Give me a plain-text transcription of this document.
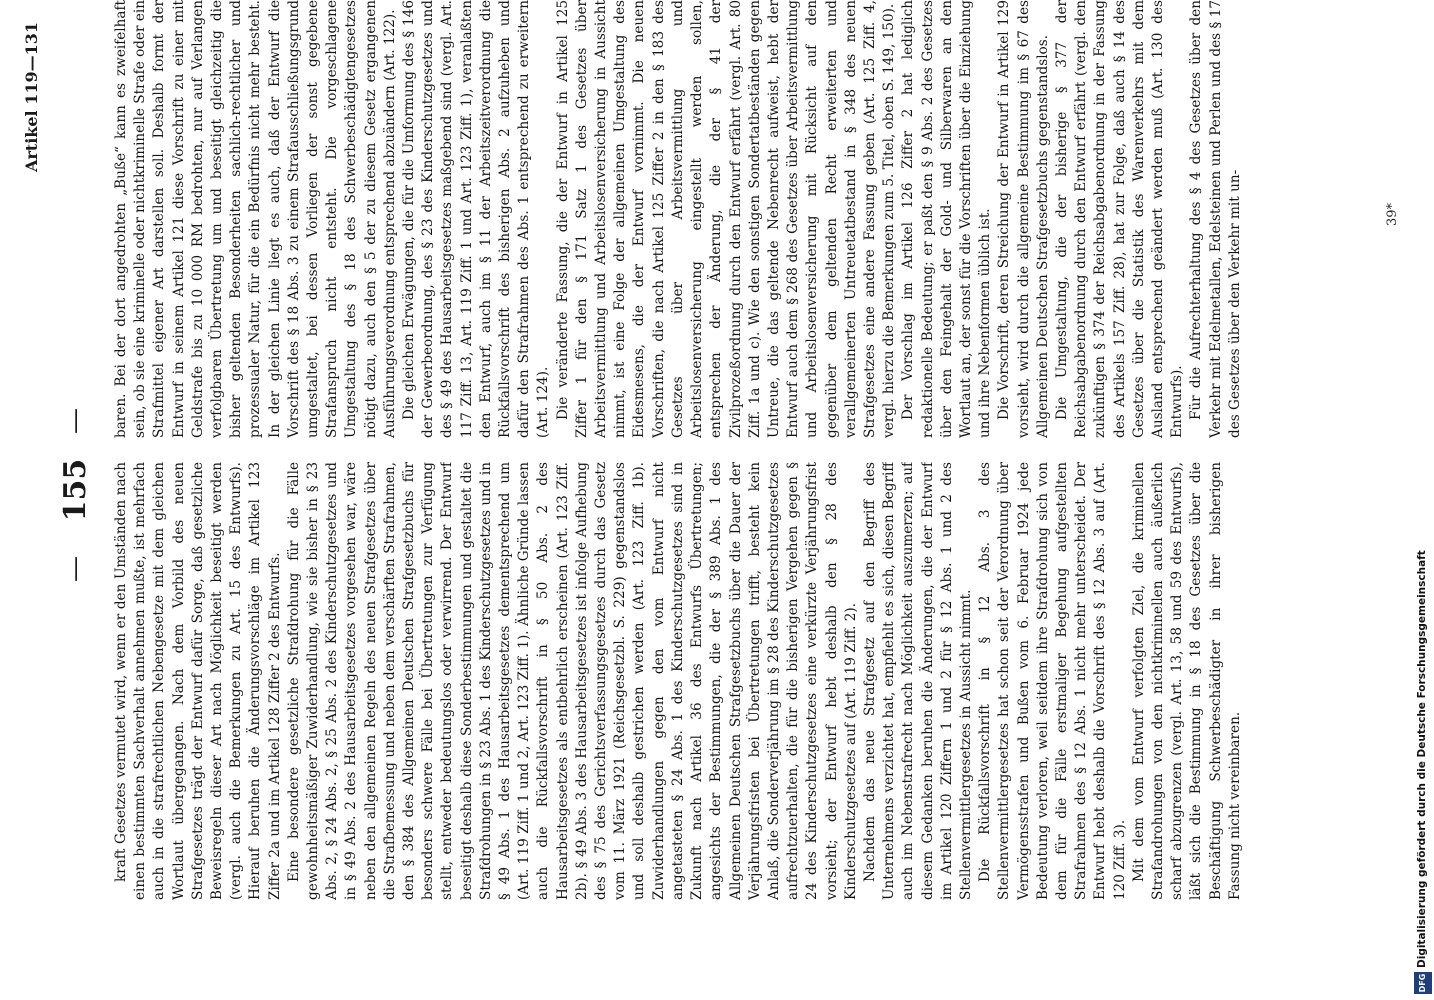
—
155
—
Artikel 119—131

kraft Gesetzes vermutet wird, wenn er den Umständen nach einen bestimmten Sachverhalt annehmen mußte, ist mehrfach auch in die strafrechtlichen Nebengesetze mit dem gleichen Wortlaut übergegangen. Nach dem Vorbild des neuen Strafgesetzes trägt der Entwurf dafür Sorge, daß gesetzliche Beweisregeln dieser Art nach Möglichkeit beseitigt werden (vergl. auch die Bemerkungen zu Art. 15 des Entwurfs). Hierauf beruhen die Änderungsvorschläge im Artikel 123 Ziffer 2a und im Artikel 128 Ziffer 2 des Entwurfs. Eine besondere gesetzliche Strafdrohung für die Fälle gewohnheitsmäßiger Zuwiderhandlung, wie sie bisher in § 23 Abs. 2, § 24 Abs. 2, § 25 Abs. 2 des Kinderschutzgesetzes und in § 49 Abs. 2 des Hausarbeitsgesetzes vorgesehen war, wäre neben den allgemeinen Regeln des neuen Strafgesetzes über die Strafbemessung und neben dem verschärften Strafrahmen, den § 384 des Allgemeinen Deutschen Strafgesetzbuchs für besonders schwere Fälle bei Übertretungen zur Verfügung stellt, entweder bedeutungslos oder verwirrend. Der Entwurf beseitigt deshalb diese Sonderbestimmungen und gestaltet die Strafdrohungen in § 23 Abs. 1 des Kinderschutzgesetzes und in § 49 Abs. 1 des Hausarbeitsgesetzes dementsprechend um (Art. 119 Ziff. 1 und 2, Art. 123 Ziff. 1). Ähnliche Gründe lassen auch die Rückfallsvorschrift in § 50 Abs. 2 des Hausarbeitsgesetzes als entbehrlich erscheinen (Art. 123 Ziff. 2b). § 49 Abs. 3 des Hausarbeitsgesetzes ist infolge Aufhebung des § 75 des Gerichtsverfassungsgesetzes durch das Gesetz vom 11. März 1921 (Reichsgesetzbl. S. 229) gegenstandslos und soll deshalb gestrichen werden (Art. 123 Ziff. 1b). Zuwiderhandlungen gegen den vom Entwurf nicht angetasteten § 24 Abs. 1 des Kinderschutzgesetzes sind in Zukunft nach Artikel 36 des Entwurfs Übertretungen; angesichts der Bestimmungen, die der § 389 Abs. 1 des Allgemeinen Deutschen Strafgesetzbuchs über die Dauer der Verjährungsfristen bei Übertretungen trifft, besteht kein Anlaß, die Sonderverjährung im § 28 des Kinderschutzgesetzes aufrechtzuerhalten, die für die bisherigen Vergehen gegen § 24 des Kinderschutzgesetzes eine verkürzte Verjährungsfrist vorsieht; der Entwurf hebt deshalb den § 28 des Kinderschutzgesetzes auf (Art. 119 Ziff. 2). Nachdem das neue Strafgesetz auf den Begriff des Unternehmens verzichtet hat, empfiehlt es sich, diesen Begriff auch im Nebenstrafrecht nach Möglichkeit auszumerzen; auf diesem Gedanken beruhen die Änderungen, die der Entwurf im Artikel 120 Ziffern 1 und 2 für § 12 Abs. 1 und 2 des Stellenvermittlergesetzes in Aussicht nimmt. Die Rückfallsvorschrift in § 12 Abs. 3 des Stellenvermittlergesetzes hat schon seit der Verordnung über Vermögensstrafen und Bußen vom 6. Februar 1924 jede Bedeutung verloren, weil seitdem ihre Strafdrohung sich von dem für die Fälle erstmaliger Begehung aufgestellten Strafrahmen des § 12 Abs. 1 nicht mehr unterscheidet. Der Entwurf hebt deshalb die Vorschrift des § 12 Abs. 3 auf (Art. 120 Ziff. 3). Mit dem vom Entwurf verfolgten Ziel, die kriminellen Strafandrohungen von den nichtkriminellen auch äußerlich scharf abzugrenzen (vergl. Art. 13, 58 und 59 des Entwurfs), läßt sich die Bestimmung in § 18 des Gesetzes über die Beschäftigung Schwerbeschädigter in ihrer bisherigen Fassung nicht vereinbaren.

baren. Bei der dort angedrohten „Buße“ kann es zweifelhaft sein, ob sie eine kriminelle oder nichtkriminelle Strafe oder ein Strafmittel eigener Art darstellen soll. Deshalb formt der Entwurf in seinem Artikel 121 diese Vorschrift zu einer mit Geldstrafe bis zu 10 000 RM bedrohten, nur auf Verlangen verfolgbaren Übertretung um und beseitigt gleichzeitig die bisher geltenden Besonderheiten sachlich-rechtlicher und prozessualer Natur, für die ein Bedürfnis nicht mehr besteht. In der gleichen Linie liegt es auch, daß der Entwurf die Vorschrift des § 18 Abs. 3 zu einem Strafausschließungsgrund umgestaltet, bei dessen Vorliegen der sonst gegebene Strafanspruch nicht entsteht. Die vorgeschlagene Umgestaltung des § 18 des Schwerbeschädigtengesetzes nötigt dazu, auch den § 5 der zu diesem Gesetz ergangenen Ausführungsverordnung entsprechend abzuändern (Art. 122). Die gleichen Erwägungen, die für die Umformung des § 146 der Gewerbeordnung, des § 23 des Kinderschutzgesetzes und des § 49 des Hausarbeitsgesetzes maßgebend sind (vergl. Art. 117 Ziff. 13, Art. 119 Ziff. 1 und Art. 123 Ziff. 1), veranlaßten den Entwurf, auch im § 11 der Arbeitszeitverordnung die Rückfallsvorschrift des bisherigen Abs. 2 aufzuheben und dafür den Strafrahmen des Abs. 1 entsprechend zu erweitern (Art. 124). Die veränderte Fassung, die der Entwurf in Artikel 125 Ziffer 1 für den § 171 Satz 1 des Gesetzes über Arbeitsvermittlung und Arbeitslosenversicherung in Aussicht nimmt, ist eine Folge der allgemeinen Umgestaltung des Eidesmesens, die der Entwurf vornimmt. Die neuen Vorschriften, die nach Artikel 125 Ziffer 2 in den § 183 des Gesetzes über Arbeitsvermittlung und Arbeitslosenversicherung eingestellt werden sollen, entsprechen der Änderung, die der § 41 der Zivilprozeßordnung durch den Entwurf erfährt (vergl. Art. 80 Ziff. 1a und c). Wie den sonstigen Sondertatbeständen gegen Untreue, die das geltende Nebenrecht aufweist, hebt der Entwurf auch dem § 268 des Gesetzes über Arbeitsvermittlung und Arbeitslosenversicherung mit Rücksicht auf den gegenüber dem geltenden Recht erweiterten und verallgemeinerten Untreuetatbestand in § 348 des neuen Strafgesetzes eine andere Fassung geben (Art. 125 Ziff. 4, vergl. hierzu die Bemerkungen zum 5. Titel, oben S. 149, 150). Der Vorschlag im Artikel 126 Ziffer 2 hat lediglich redaktionelle Bedeutung; er paßt den § 9 Abs. 2 des Gesetzes über den Feingehalt der Gold- und Silberwaren an den Wortlaut an, der sonst für die Vorschriften über die Einziehung und ihre Nebenformen üblich ist. Die Vorschrift, deren Streichung der Entwurf in Artikel 129 vorsieht, wird durch die allgemeine Bestimmung im § 67 des Allgemeinen Deutschen Strafgesetzbuchs gegenstandslos. Die Umgestaltung, die der bisherige § 377 der Reichsabgabenordnung durch den Entwurf erfährt (vergl. den zukünftigen § 374 der Reichsabgabenordnung in der Fassung des Artikels 157 Ziff. 28), hat zur Folge, daß auch § 14 des Gesetzes über die Statistik des Warenverkehrs mit dem Ausland entsprechend geändert werden muß (Art. 130 des Entwurfs). Für die Aufrechterhaltung des § 4 des Gesetzes über den Verkehr mit Edelmetallen, Edelsteinen und Perlen und des § 17 des Gesetzes über den Verkehr mit un-	39*
DFG
Digitalisierung gefördert durch die Deutsche Forschungsgemeinschaft
